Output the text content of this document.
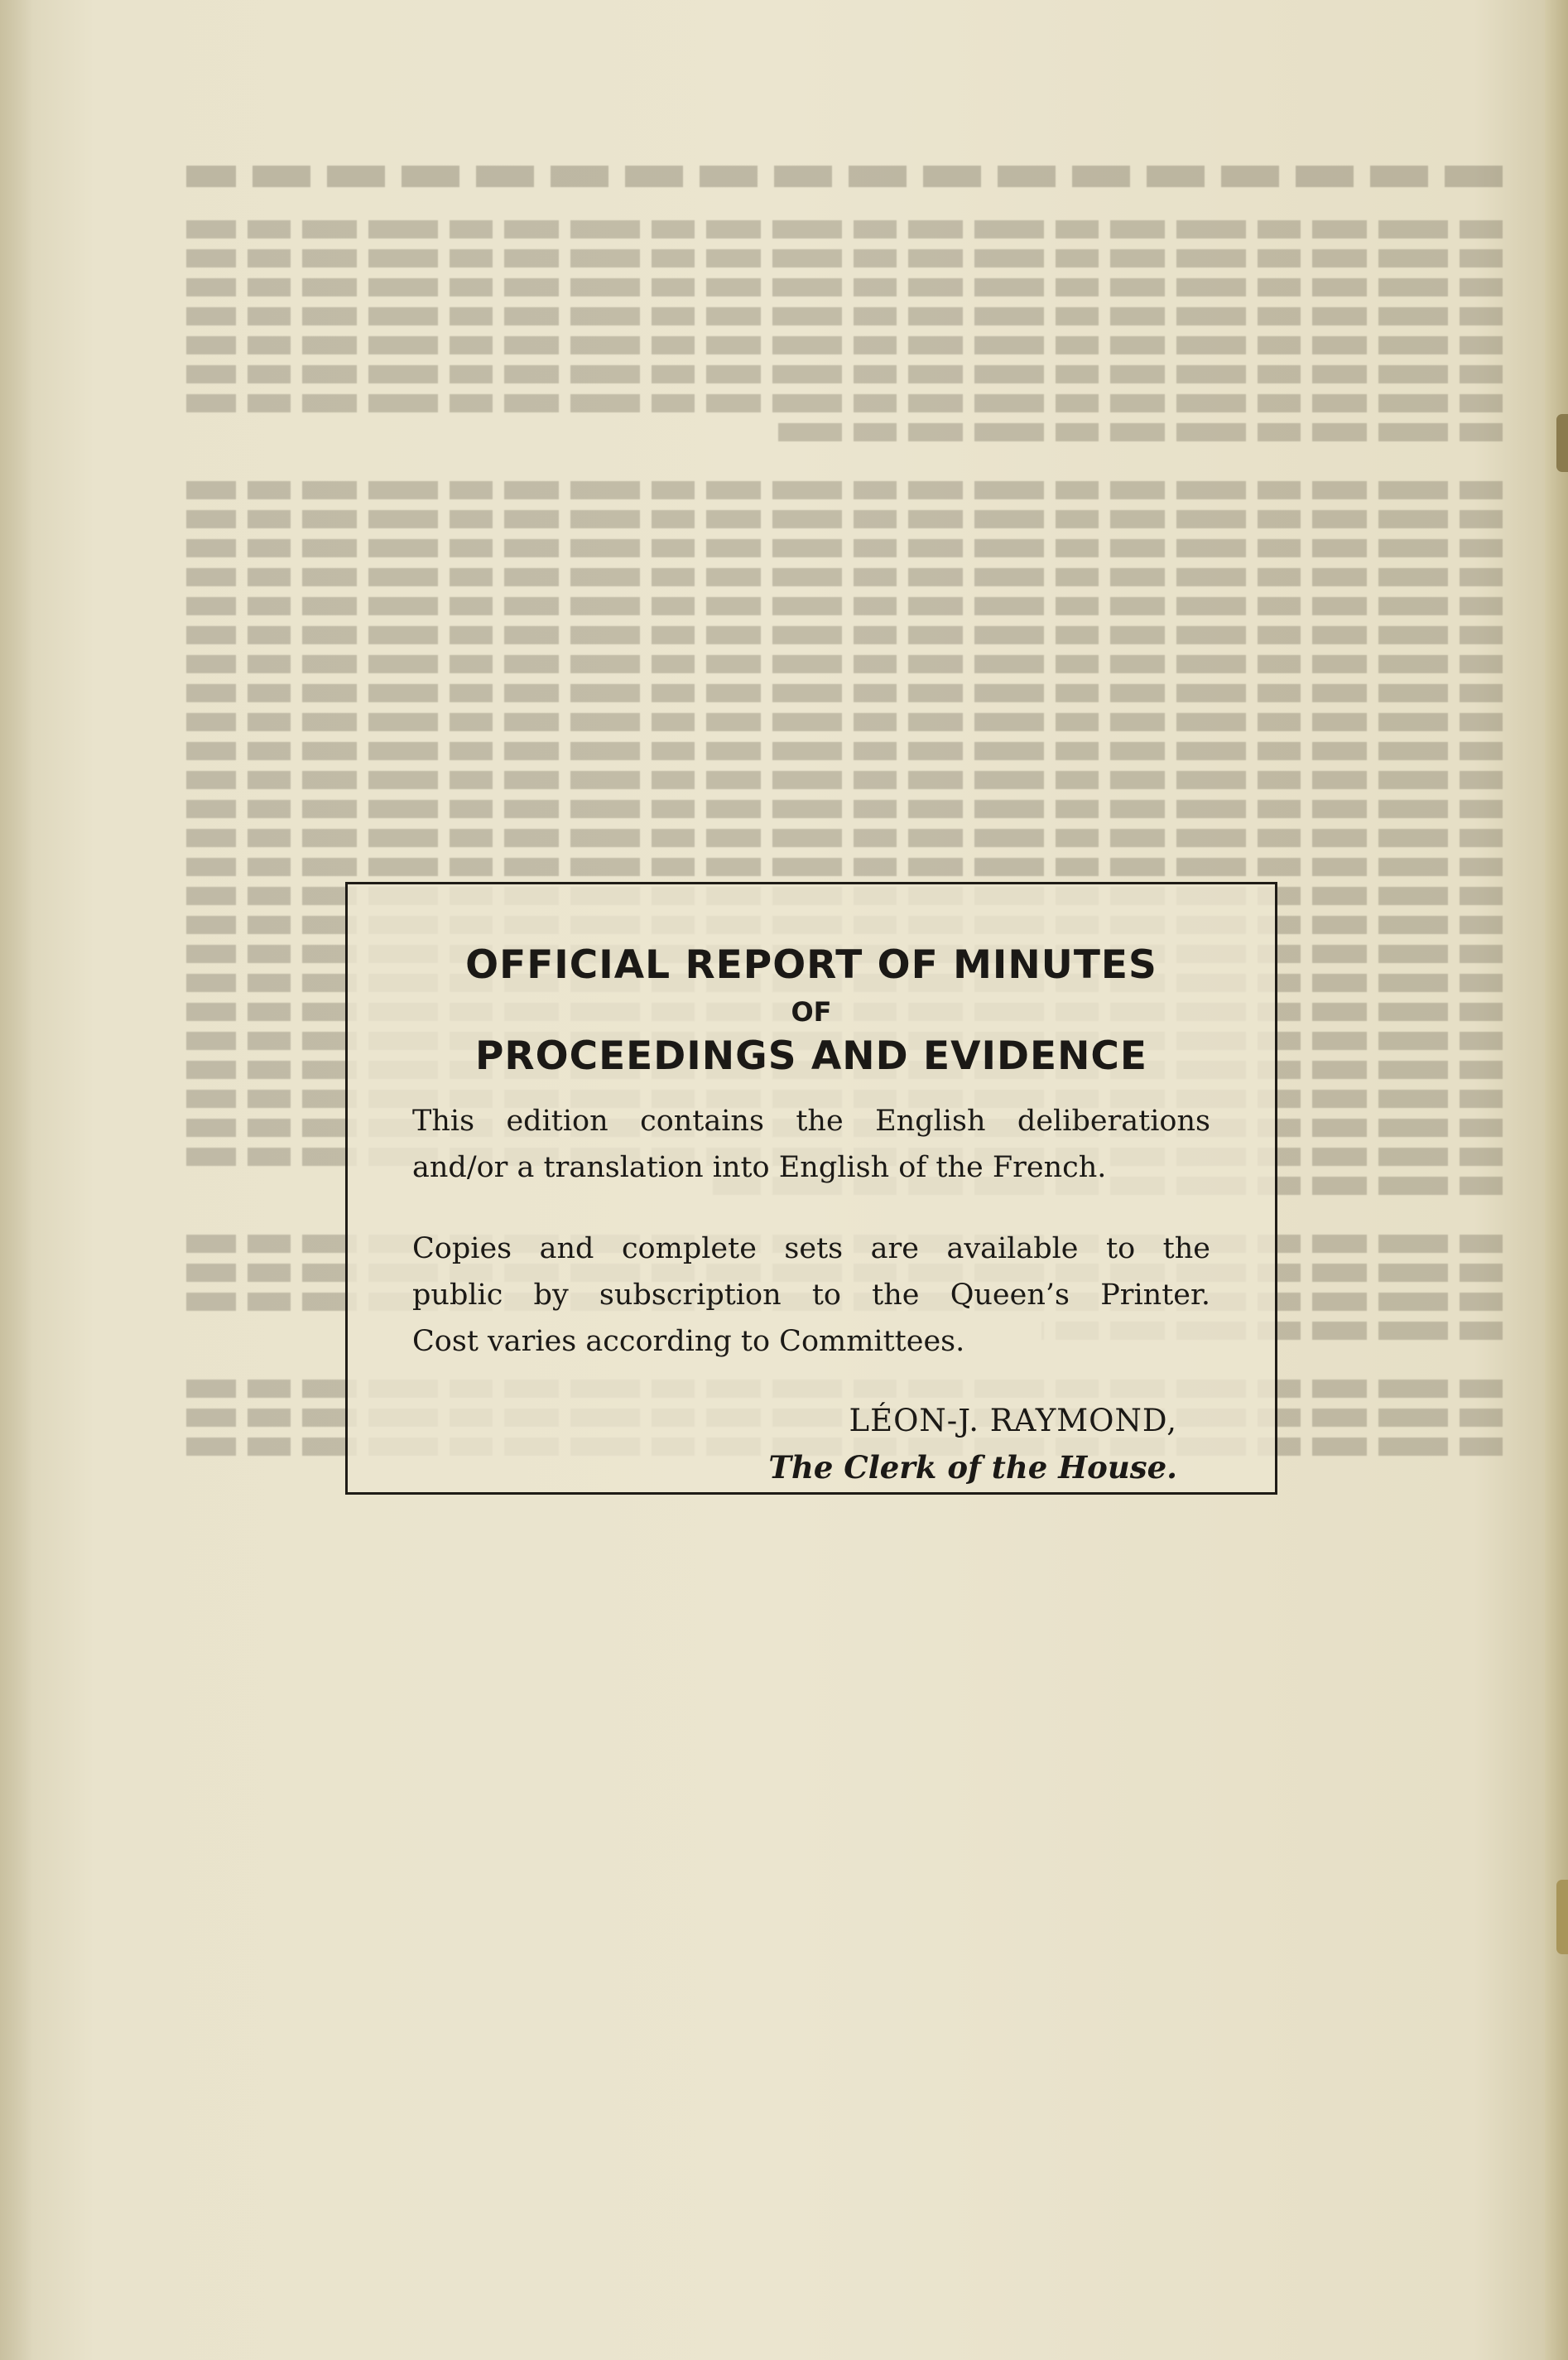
OFFICIAL REPORT OF MINUTES
OF
PROCEEDINGS AND EVIDENCE
This edition contains the English deliberations
and/or a translation into English of the French.
Copies and complete sets are available to the
public by subscription to the Queen’s Printer.
Cost varies according to Committees.
LÉON-J. RAYMOND,
The Clerk of the House.
